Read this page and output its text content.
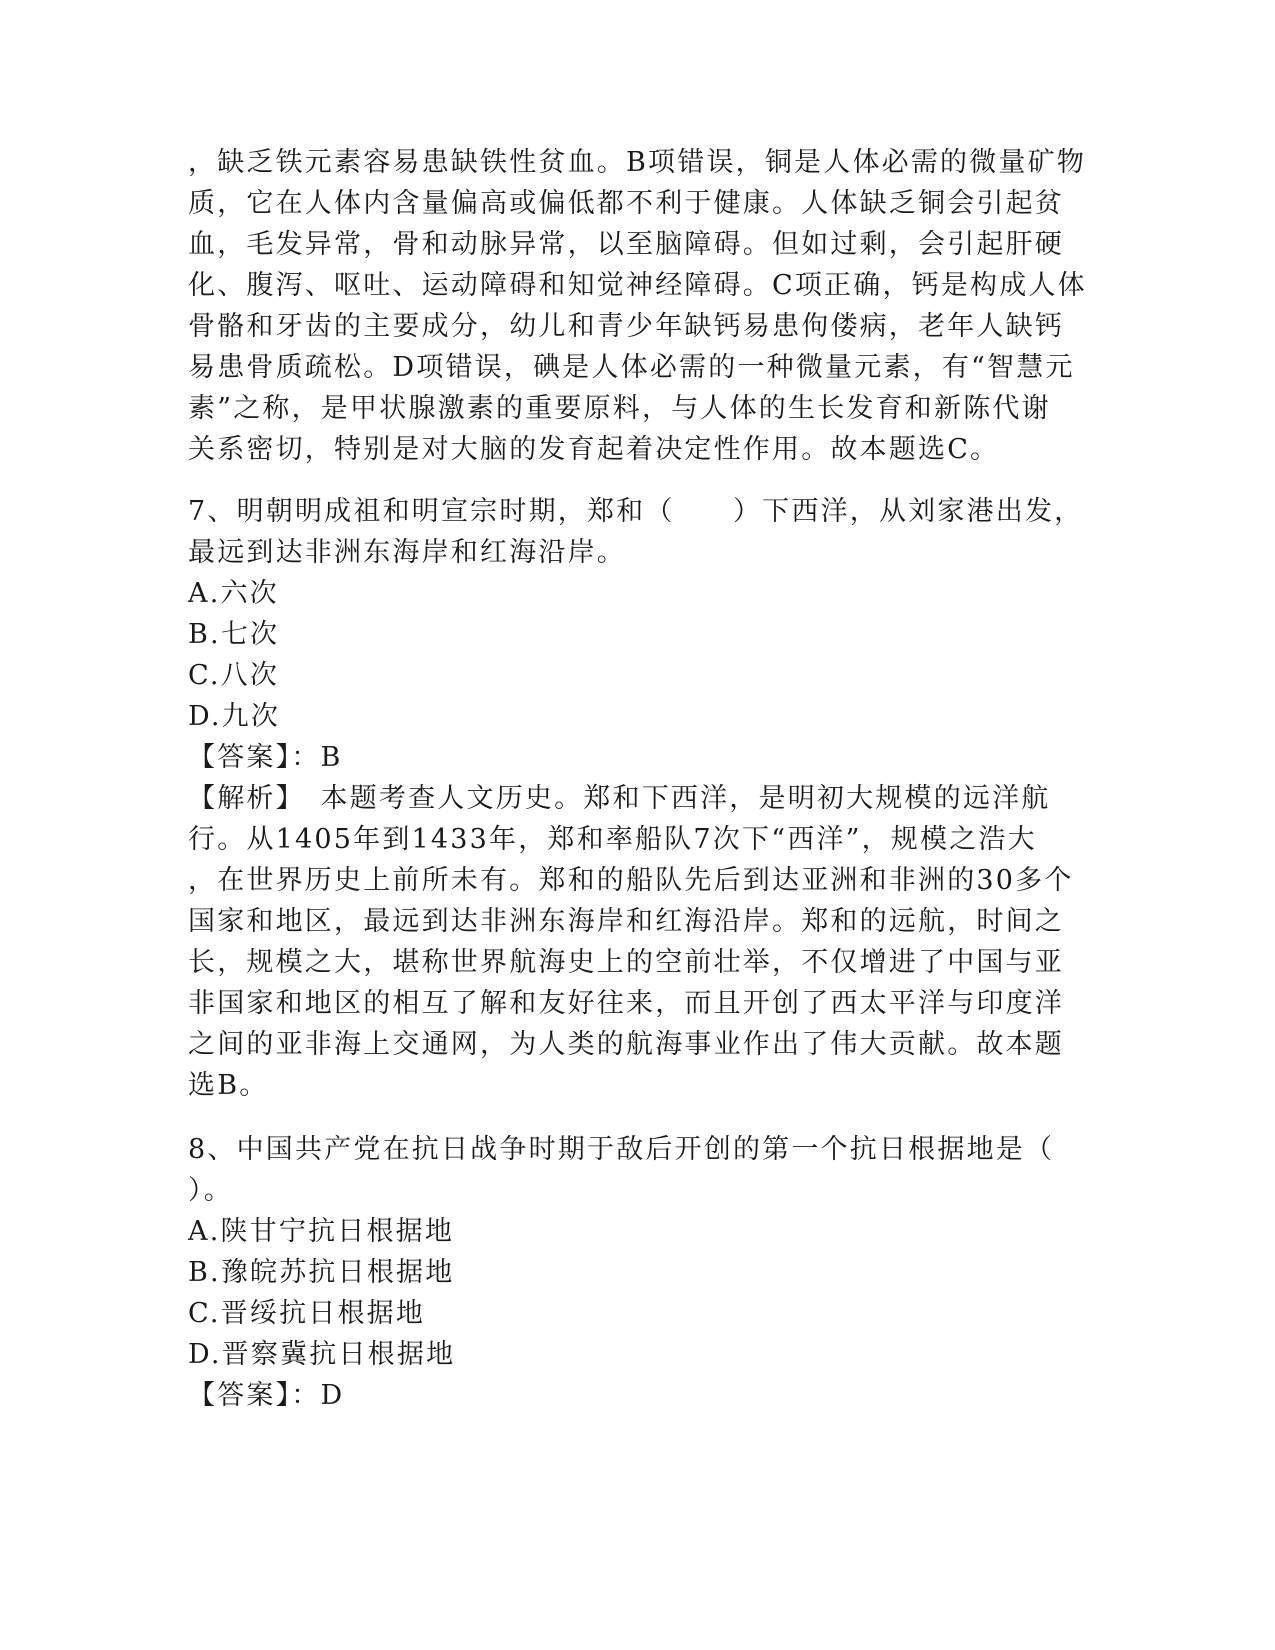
，缺乏铁元素容易患缺铁性贫血。B项错误，铜是人体必需的微量矿物
质，它在人体内含量偏高或偏低都不利于健康。人体缺乏铜会引起贫
血，毛发异常，骨和动脉异常，以至脑障碍。但如过剩，会引起肝硬
化、腹泻、呕吐、运动障碍和知觉神经障碍。C项正确，钙是构成人体
骨骼和牙齿的主要成分，幼儿和青少年缺钙易患佝偻病，老年人缺钙
易患骨质疏松。D项错误，碘是人体必需的一种微量元素，有“智慧元
素”之称，是甲状腺激素的重要原料，与人体的生长发育和新陈代谢
关系密切，特别是对大脑的发育起着决定性作用。故本题选C。
7、明朝明成祖和明宣宗时期，郑和（　　）下西洋，从刘家港出发，
最远到达非洲东海岸和红海沿岸。
A.六次
B.七次
C.八次
D.九次
【答案】：B
【解析】　本题考查人文历史。郑和下西洋，是明初大规模的远洋航
行。从1405年到1433年，郑和率船队7次下“西洋”，规模之浩大
，在世界历史上前所未有。郑和的船队先后到达亚洲和非洲的30多个
国家和地区，最远到达非洲东海岸和红海沿岸。郑和的远航，时间之
长，规模之大，堪称世界航海史上的空前壮举，不仅增进了中国与亚
非国家和地区的相互了解和友好往来，而且开创了西太平洋与印度洋
之间的亚非海上交通网，为人类的航海事业作出了伟大贡献。故本题
选B。
8、中国共产党在抗日战争时期于敌后开创的第一个抗日根据地是（
）。
A.陕甘宁抗日根据地
B.豫皖苏抗日根据地
C.晋绥抗日根据地
D.晋察冀抗日根据地
【答案】：D
